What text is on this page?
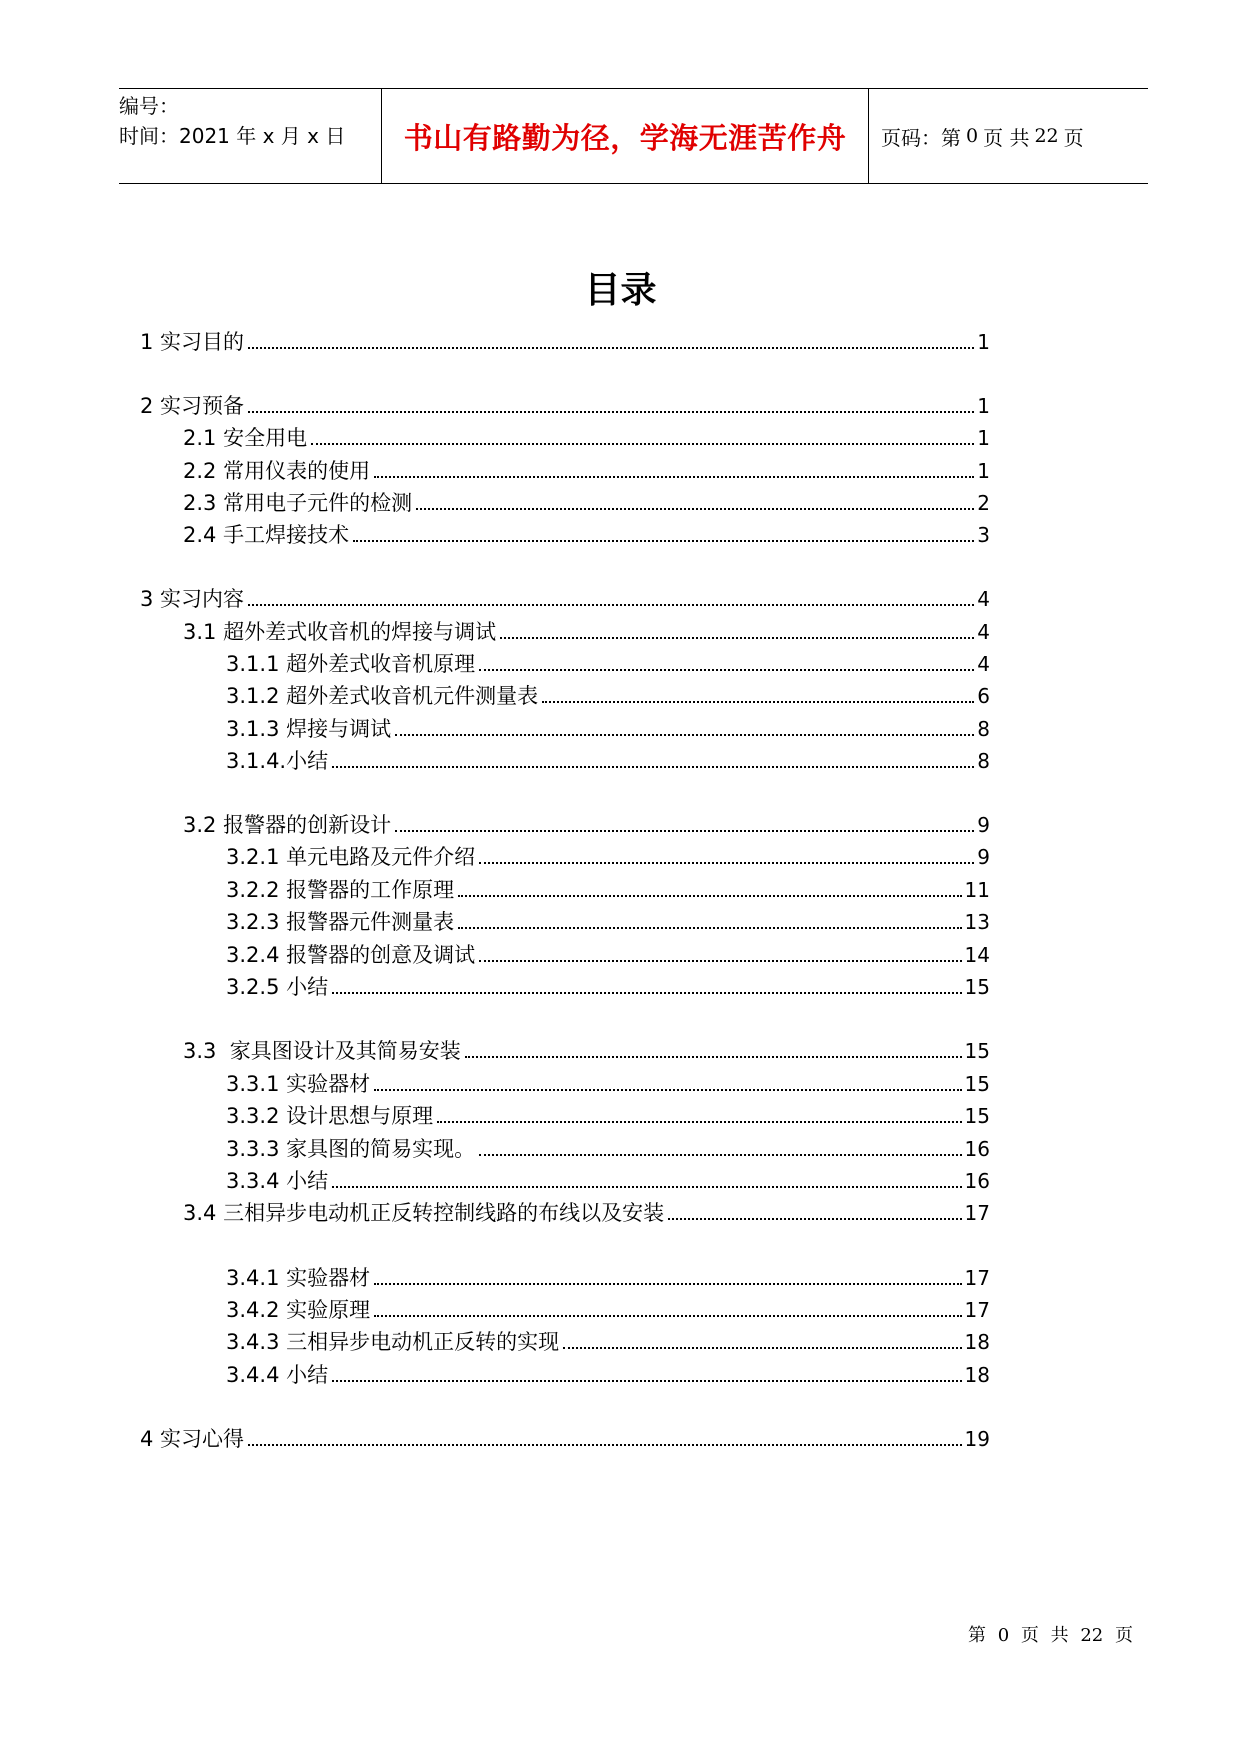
编号：
时间：2021 年 x 月 x 日	书山有路勤为径，学海无涯苦作舟 页码：第 0 页 共 22 页
目录
1 实习目的	1
2 实习预备	1
2.1 安全用电	1
2.2 常用仪表的使用	1
2.3 常用电子元件的检测	2
2.4 手工焊接技术	3
3 实习内容	4
3.1 超外差式收音机的焊接与调试	4
3.1.1 超外差式收音机原理	4
3.1.2 超外差式收音机元件测量表	6
3.1.3 焊接与调试	8
3.1.4.小结	8
3.2 报警器的创新设计	9
3.2.1 单元电路及元件介绍	9
3.2.2 报警器的工作原理	11
3.2.3 报警器元件测量表	13
3.2.4 报警器的创意及调试	14
3.2.5 小结	15
3.3  家具图设计及其简易安装	15
3.3.1 实验器材	15
3.3.2 设计思想与原理	15
3.3.3 家具图的简易实现。	16
3.3.4 小结	16
3.4 三相异步电动机正反转控制线路的布线以及安装	17
3.4.1 实验器材	17
3.4.2 实验原理	17
3.4.3 三相异步电动机正反转的实现	18
3.4.4 小结	18
4 实习心得	19
第 0 页 共 22 页
